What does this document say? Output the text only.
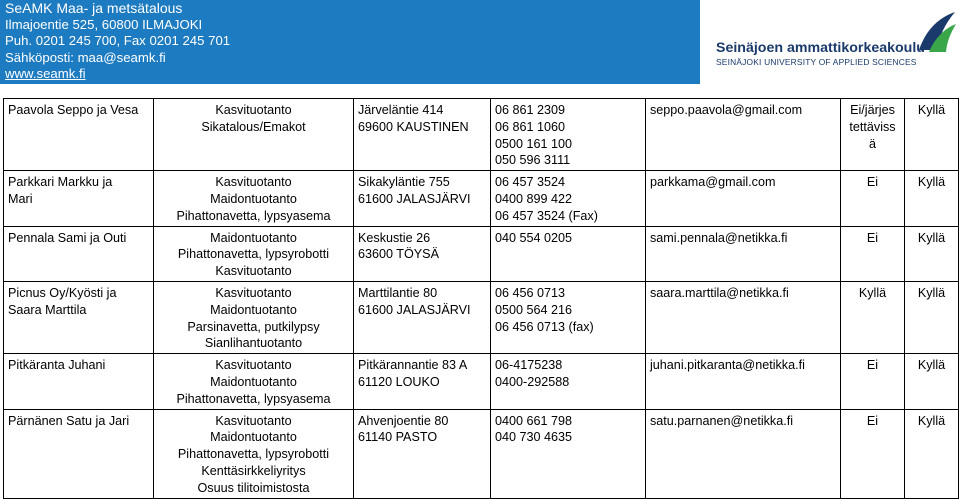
SeAMK Maa- ja metsätalous
Ilmajoentie 525, 60800 ILMAJOKI
Puh. 0201 245 700, Fax 0201 245 701
Sähköposti: maa@seamk.fi
www.seamk.fi
Seinäjoen ammattikorkeakoulu
SEINÄJOKI UNIVERSITY OF APPLIED SCIENCES
Paavola Seppo ja Vesa	Kasvituotanto
Sikatalous/Emakot	Järveläntie 414
69600 KAUSTINEN	06 861 2309
06 861 1060
0500 161 100
050 596 3111	seppo.paavola@gmail.com	Ei/järjes
tettäviss
ä	Kyllä

Parkkari Markku ja
Mari	Kasvituotanto
Maidontuotanto
Pihattonavetta, lypsyasema	Sikakyläntie 755
61600 JALASJÄRVI	06 457 3524
0400 899 422
06 457 3524 (Fax)	parkkama@gmail.com	Ei	Kyllä

Pennala Sami ja Outi	Maidontuotanto
Pihattonavetta, lypsyrobotti
Kasvituotanto	Keskustie 26
63600 TÖYSÄ	040 554 0205	sami.pennala@netikka.fi	Ei	Kyllä

Picnus Oy/Kyösti ja
Saara Marttila	Kasvituotanto
Maidontuotanto
Parsinavetta, putkilypsy
Sianlihantuotanto	Marttilantie 80
61600 JALASJÄRVI	06 456 0713
0500 564 216
06 456 0713 (fax)	saara.marttila@netikka.fi	Kyllä	Kyllä

Pitkäranta Juhani	Kasvituotanto
Maidontuotanto
Pihattonavetta, lypsyasema	Pitkärannantie 83 A
61120 LOUKO	06-4175238
0400-292588	juhani.pitkaranta@netikka.fi	Ei	Kyllä

Pärnänen Satu ja Jari	Kasvituotanto
Maidontuotanto
Pihattonavetta, lypsyrobotti
Kenttäsirkkeliyritys
Osuus tilitoimistosta	Ahvenjoentie 80
61140 PASTO	0400 661 798
040 730 4635	satu.parnanen@netikka.fi	Ei	Kyllä
